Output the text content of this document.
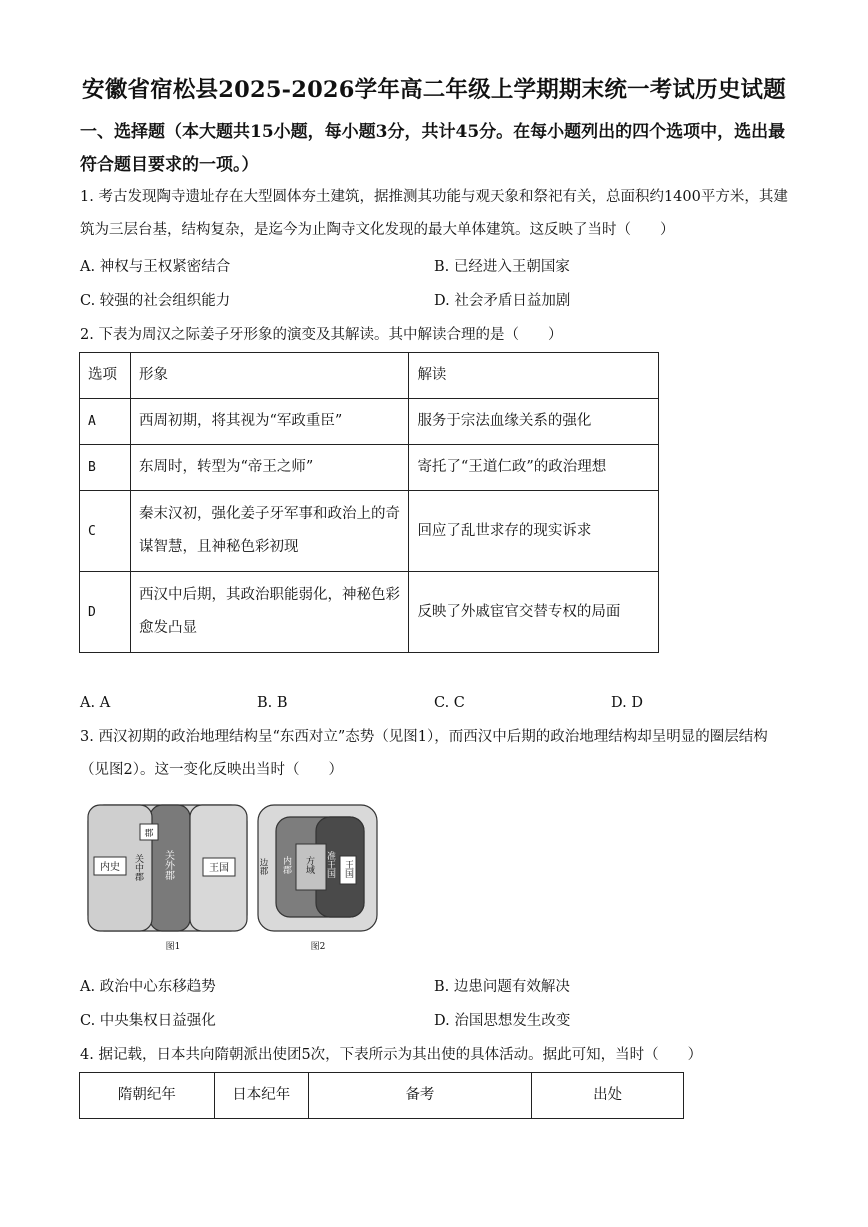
安徽省宿松县2025-2026学年高二年级上学期期末统一考试历史试题
一、选择题（本大题共15小题，每小题3分，共计45分。在每小题列出的四个选项中，选出最符合题目要求的一项。）
1. 考古发现陶寺遗址存在大型圆体夯土建筑，据推测其功能与观天象和祭祀有关，总面积约1400平方米，其建筑为三层台基，结构复杂，是迄今为止陶寺文化发现的最大单体建筑。这反映了当时（　　）
A. 神权与王权紧密结合	B. 已经进入王朝国家
C. 较强的社会组织能力	D. 社会矛盾日益加剧
2. 下表为周汉之际姜子牙形象的演变及其解读。其中解读合理的是（　　）
选项	形象	解读
A	西周初期，将其视为“军政重臣”	服务于宗法血缘关系的强化
B	东周时，转型为“帝王之师”	寄托了“王道仁政”的政治理想
C	秦末汉初，强化姜子牙军事和政治上的奇谋智慧，且神秘色彩初现	回应了乱世求存的现实诉求
D	西汉中后期，其政治职能弱化，神秘色彩愈发凸显	反映了外戚宦官交替专权的局面
A. A	B. B	C. C	D. D
3. 西汉初期的政治地理结构呈“东西对立”态势（见图1），而西汉中后期的政治地理结构却呈明显的圈层结构（见图2）。这一变化反映出当时（　　）
内史
郡
关中郡 关外郡	王国
图1
边郡 内郡 方域 准王国 王国
图2
A. 政治中心东移趋势	B. 边患问题有效解决
C. 中央集权日益强化	D. 治国思想发生改变
4. 据记载，日本共向隋朝派出使团5次，下表所示为其出使的具体活动。据此可知，当时（　　）
隋朝纪年	日本纪年	备考	出处
